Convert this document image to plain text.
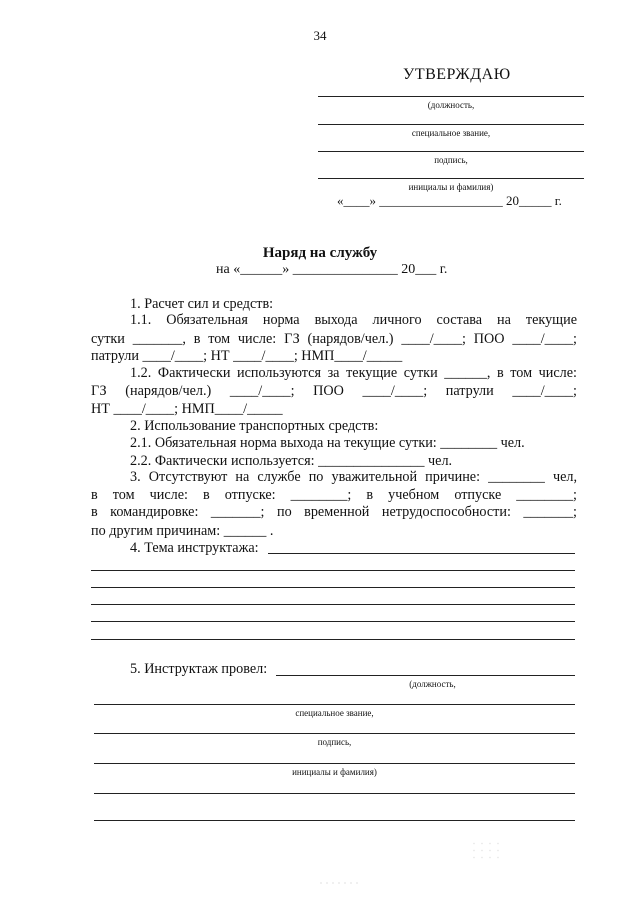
34
УТВЕРЖДАЮ
(должность,
специальное звание,
подпись,
инициалы и фамилия)
«____» ___________________ 20_____ г.
Наряд на службу
на «______» _______________ 20___ г.
1. Расчет сил и средств:
1.1. Обязательная норма выхода личного состава на текущие
сутки _______, в том числе: ГЗ (нарядов/чел.) ____/____; ПОО ____/____;
патрули ____/____; НТ ____/____; НМП____/_____
1.2. Фактически используются за текущие сутки ______, в том числе:
ГЗ (нарядов/чел.) ____/____; ПОО ____/____; патрули ____/____;
НТ ____/____; НМП____/_____
2. Использование транспортных средств:
2.1. Обязательная норма выхода на текущие сутки: ________ чел.
2.2. Фактически используется: _______________ чел.
3. Отсутствуют на службе по уважительной причине: ________ чел,
в том числе: в отпуске: ________; в учебном отпуске ________;
в командировке: _______; по временной нетрудоспособности: _______;
по другим причинам: ______ .
4. Тема инструктажа:
5. Инструктаж провел:
(должность,
специальное звание,
подпись,
инициалы и фамилия)
